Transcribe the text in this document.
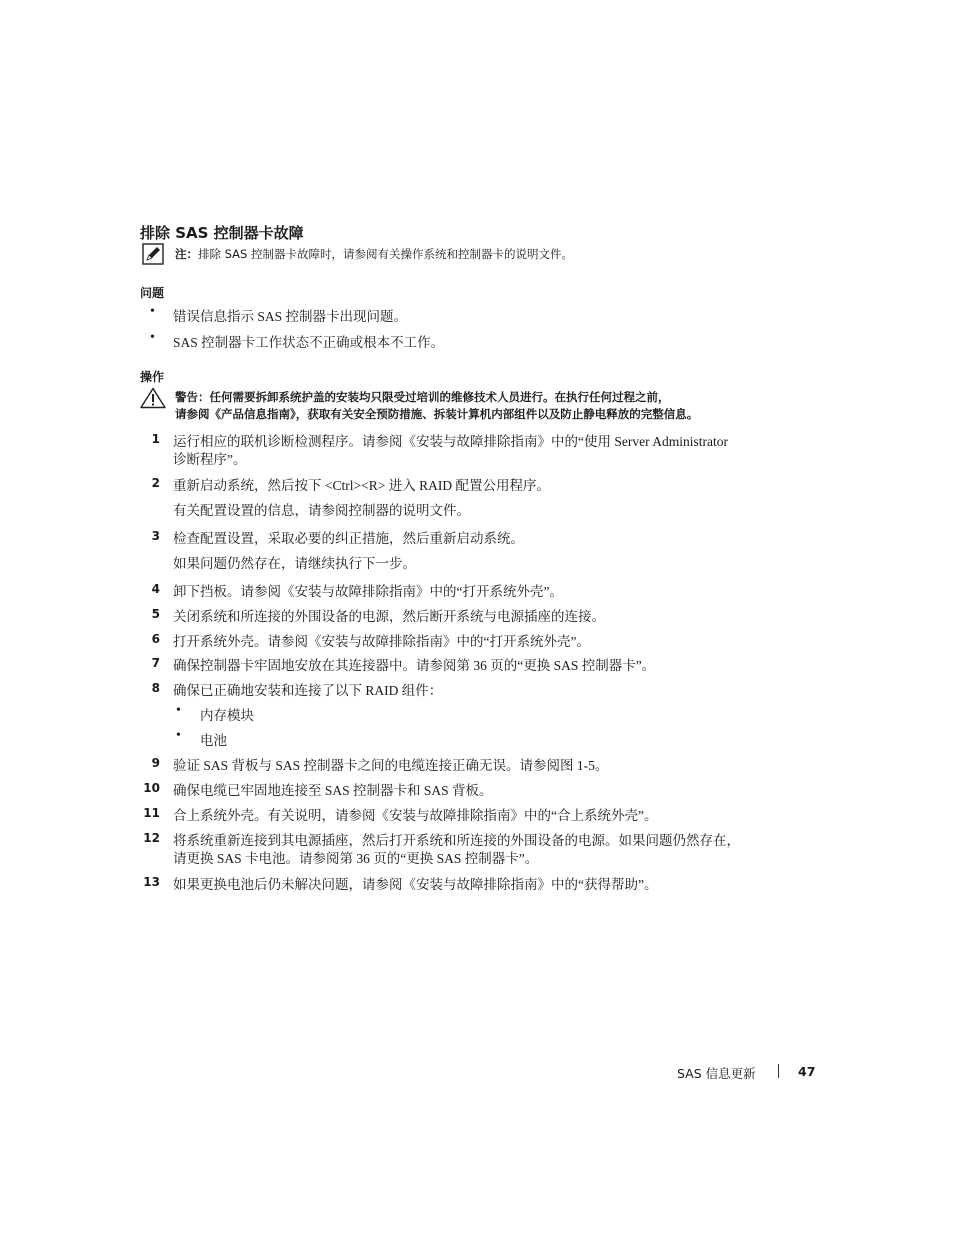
排除 SAS 控制器卡故障
注：排除 SAS 控制器卡故障时，请参阅有关操作系统和控制器卡的说明文件。
问题
• 错误信息指示 SAS 控制器卡出现问题。
• SAS 控制器卡工作状态不正确或根本不工作。
操作
警告：任何需要拆卸系统护盖的安装均只限受过培训的维修技术人员进行。在执行任何过程之前，
请参阅《产品信息指南》，获取有关安全预防措施、拆装计算机内部组件以及防止静电释放的完整信息。
1 运行相应的联机诊断检测程序。请参阅《安装与故障排除指南》中的“使用 Server Administrator
诊断程序”。
2 重新启动系统，然后按下 <Ctrl><R> 进入 RAID 配置公用程序。
有关配置设置的信息，请参阅控制器的说明文件。
3 检查配置设置，采取必要的纠正措施，然后重新启动系统。
如果问题仍然存在，请继续执行下一步。
4 卸下挡板。请参阅《安装与故障排除指南》中的“打开系统外壳”。
5 关闭系统和所连接的外围设备的电源，然后断开系统与电源插座的连接。
6 打开系统外壳。请参阅《安装与故障排除指南》中的“打开系统外壳”。
7 确保控制器卡牢固地安放在其连接器中。请参阅第 36 页的“更换 SAS 控制器卡”。
8 确保已正确地安装和连接了以下 RAID 组件：
• 内存模块
• 电池
9 验证 SAS 背板与 SAS 控制器卡之间的电缆连接正确无误。请参阅图 1-5。
10 确保电缆已牢固地连接至 SAS 控制器卡和 SAS 背板。
11 合上系统外壳。有关说明，请参阅《安装与故障排除指南》中的“合上系统外壳”。
12 将系统重新连接到其电源插座，然后打开系统和所连接的外围设备的电源。如果问题仍然存在，
请更换 SAS 卡电池。请参阅第 36 页的“更换 SAS 控制器卡”。
13 如果更换电池后仍未解决问题，请参阅《安装与故障排除指南》中的“获得帮助”。
SAS 信息更新	47
